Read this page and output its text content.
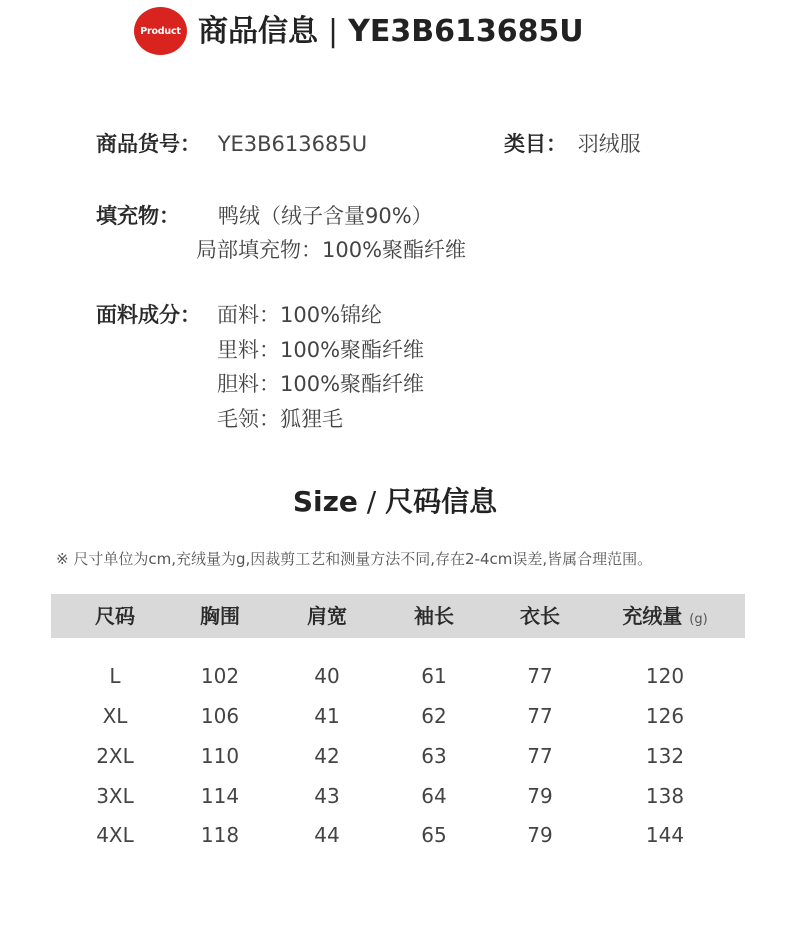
Product 商品信息 | YE3B613685U
商品货号： YE3B613685U	类目： 羽绒服
填充物： 鸭绒（绒子含量90%）
局部填充物：100%聚酯纤维
面料成分： 面料：100%锦纶
里料：100%聚酯纤维
胆料：100%聚酯纤维
毛领：狐狸毛
Size / 尺码信息
※ 尺寸单位为cm,充绒量为g,因裁剪工艺和测量方法不同,存在2-4cm误差,皆属合理范围。
尺码	胸围	肩宽	袖长	衣长	充绒量 (g)
L	102	40	61	77	120
XL	106	41	62	77	126
2XL	110	42	63	77	132
3XL	114	43	64	79	138
4XL	118	44	65	79	144
